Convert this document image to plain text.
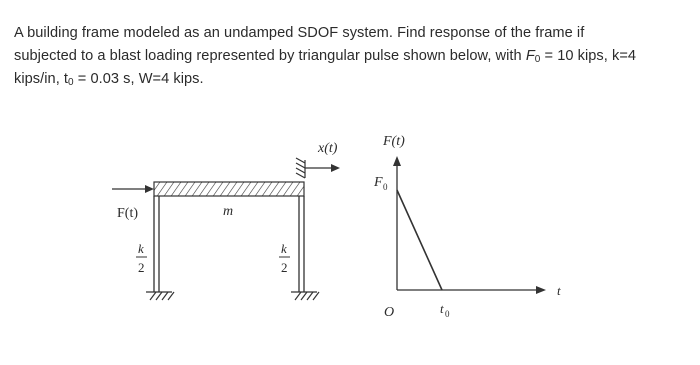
A building frame modeled as an undamped SDOF system. Find response of the frame if

subjected to a blast loading represented by triangular pulse shown below, with $F_0 = 10$ kips, k=4

kips/in, $t_0 = 0.03$ s, W=4 kips.

F(t)	m
k
2
k
2
x(t)	F(t)
F 0
O	t 0
t
